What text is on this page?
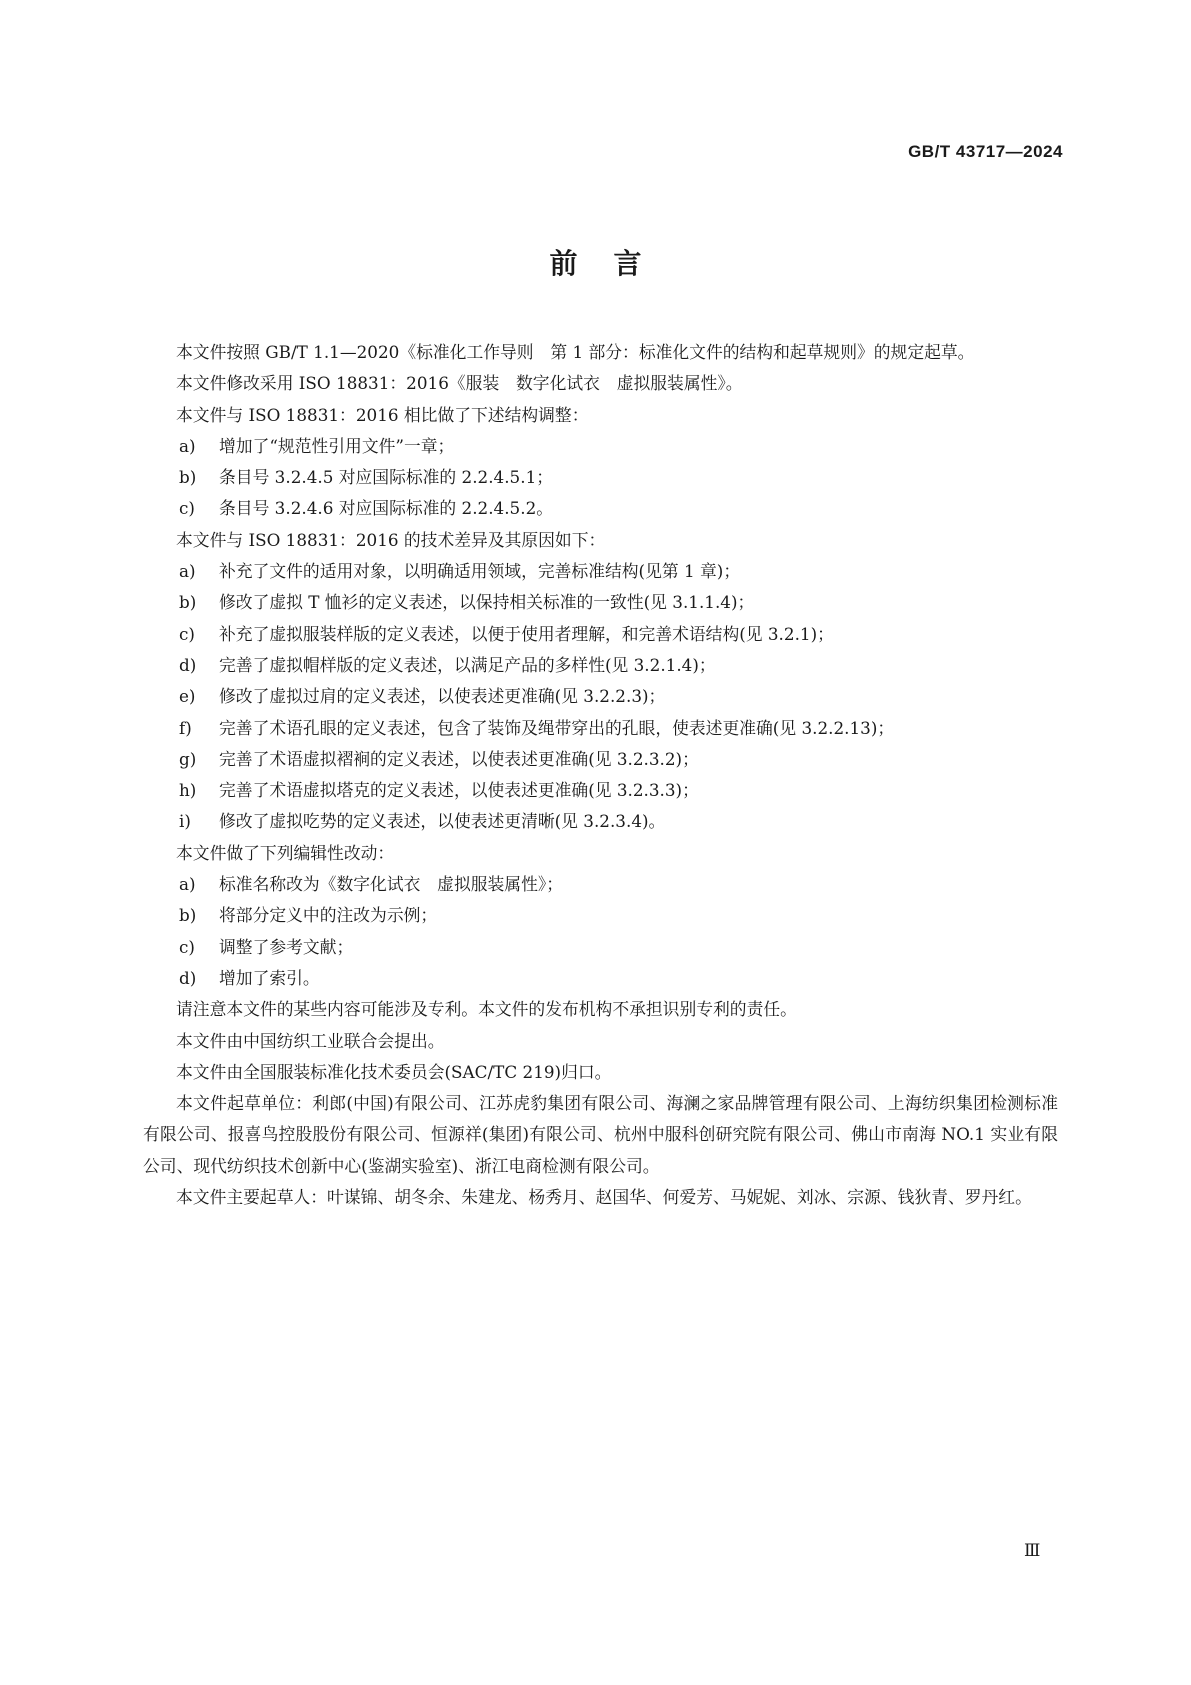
GB/T 43717—2024
前言
本文件按照 GB/T 1.1—2020《标准化工作导则　第 1 部分：标准化文件的结构和起草规则》的规定起草。
本文件修改采用 ISO 18831：2016《服装　数字化试衣　虚拟服装属性》。
本文件与 ISO 18831：2016 相比做了下述结构调整：
a) 增加了“规范性引用文件”一章；
b) 条目号 3.2.4.5 对应国际标准的 2.2.4.5.1；
c) 条目号 3.2.4.6 对应国际标准的 2.2.4.5.2。
本文件与 ISO 18831：2016 的技术差异及其原因如下：
a) 补充了文件的适用对象，以明确适用领域，完善标准结构(见第 1 章)；
b) 修改了虚拟 T 恤衫的定义表述，以保持相关标准的一致性(见 3.1.1.4)；
c) 补充了虚拟服装样版的定义表述，以便于使用者理解，和完善术语结构(见 3.2.1)；
d) 完善了虚拟帽样版的定义表述，以满足产品的多样性(见 3.2.1.4)；
e) 修改了虚拟过肩的定义表述，以使表述更准确(见 3.2.2.3)；
f) 完善了术语孔眼的定义表述，包含了装饰及绳带穿出的孔眼，使表述更准确(见 3.2.2.13)；
g) 完善了术语虚拟褶裥的定义表述，以使表述更准确(见 3.2.3.2)；
h) 完善了术语虚拟塔克的定义表述，以使表述更准确(见 3.2.3.3)；
i) 修改了虚拟吃势的定义表述，以使表述更清晰(见 3.2.3.4)。
本文件做了下列编辑性改动：
a) 标准名称改为《数字化试衣　虚拟服装属性》；
b) 将部分定义中的注改为示例；
c) 调整了参考文献；
d) 增加了索引。
请注意本文件的某些内容可能涉及专利。本文件的发布机构不承担识别专利的责任。
本文件由中国纺织工业联合会提出。
本文件由全国服装标准化技术委员会(SAC/TC 219)归口。
本文件起草单位：利郎(中国)有限公司、江苏虎豹集团有限公司、海澜之家品牌管理有限公司、上海纺织集团检测标准有限公司、报喜鸟控股股份有限公司、恒源祥(集团)有限公司、杭州中服科创研究院有限公司、佛山市南海 NO.1 实业有限公司、现代纺织技术创新中心(鉴湖实验室)、浙江电商检测有限公司。
本文件主要起草人：叶谋锦、胡冬余、朱建龙、杨秀月、赵国华、何爱芳、马妮妮、刘冰、宗源、钱狄青、罗丹红。
Ⅲ
